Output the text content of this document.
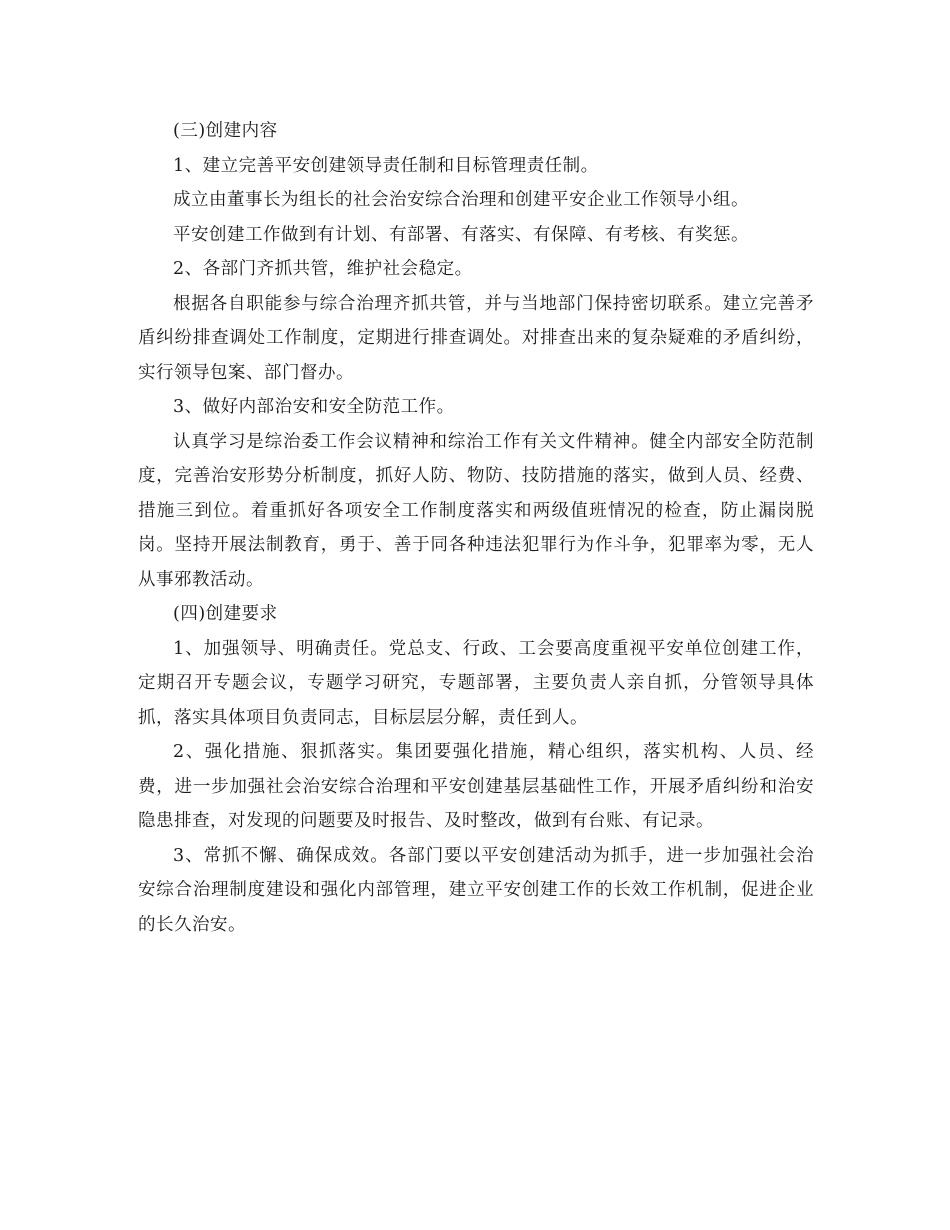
(三)创建内容

1、建立完善平安创建领导责任制和目标管理责任制。

成立由董事长为组长的社会治安综合治理和创建平安企业工作领导小组。

平安创建工作做到有计划、有部署、有落实、有保障、有考核、有奖惩。

2、各部门齐抓共管，维护社会稳定。

根据各自职能参与综合治理齐抓共管，并与当地部门保持密切联系。建立完善矛盾纠纷排查调处工作制度，定期进行排查调处。对排查出来的复杂疑难的矛盾纠纷，实行领导包案、部门督办。

3、做好内部治安和安全防范工作。

认真学习是综治委工作会议精神和综治工作有关文件精神。健全内部安全防范制度，完善治安形势分析制度，抓好人防、物防、技防措施的落实，做到人员、经费、措施三到位。着重抓好各项安全工作制度落实和两级值班情况的检查，防止漏岗脱岗。坚持开展法制教育，勇于、善于同各种违法犯罪行为作斗争，犯罪率为零，无人从事邪教活动。

(四)创建要求

1、加强领导、明确责任。党总支、行政、工会要高度重视平安单位创建工作，定期召开专题会议，专题学习研究，专题部署，主要负责人亲自抓，分管领导具体抓，落实具体项目负责同志，目标层层分解，责任到人。

2、强化措施、狠抓落实。集团要强化措施，精心组织，落实机构、人员、经费，进一步加强社会治安综合治理和平安创建基层基础性工作，开展矛盾纠纷和治安隐患排查，对发现的问题要及时报告、及时整改，做到有台账、有记录。

3、常抓不懈、确保成效。各部门要以平安创建活动为抓手，进一步加强社会治安综合治理制度建设和强化内部管理，建立平安创建工作的长效工作机制，促进企业的长久治安。
